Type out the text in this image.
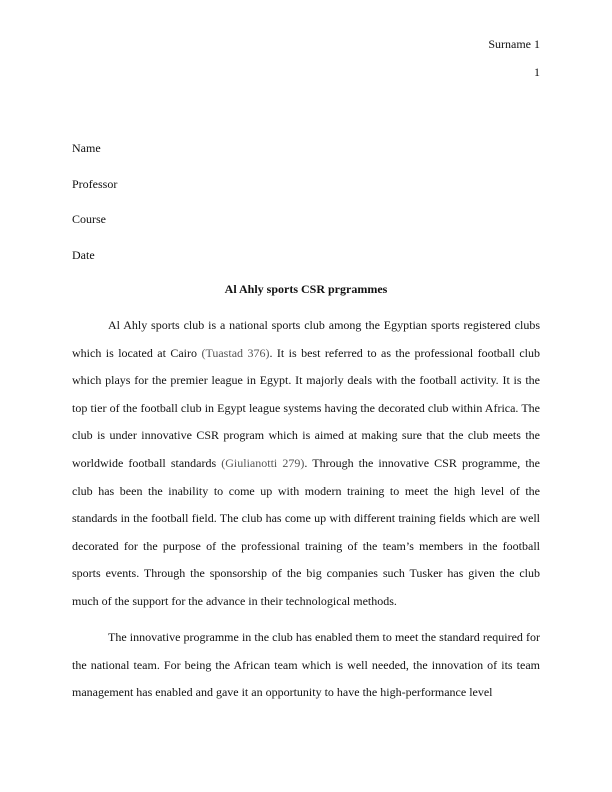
Surname 1
1
Name
Professor
Course
Date
Al Ahly sports CSR prgrammes

Al Ahly sports club is a national sports club among the Egyptian sports registered clubs which is located at Cairo (Tuastad 376). It is best referred to as the professional football club which plays for the premier league in Egypt. It majorly deals with the football activity. It is the top tier of the football club in Egypt league systems having the decorated club within Africa. The club is under innovative CSR program which is aimed at making sure that the club meets the worldwide football standards (Giulianotti 279). Through the innovative CSR programme, the club has been the inability to come up with modern training to meet the high level of the standards in the football field. The club has come up with different training fields which are well decorated for the purpose of the professional training of the team’s members in the football sports events. Through the sponsorship of the big companies such Tusker has given the club much of the support for the advance in their technological methods.

The innovative programme in the club has enabled them to meet the standard required for the national team. For being the African team which is well needed, the innovation of its team management has enabled and gave it an opportunity to have the high-performance level
